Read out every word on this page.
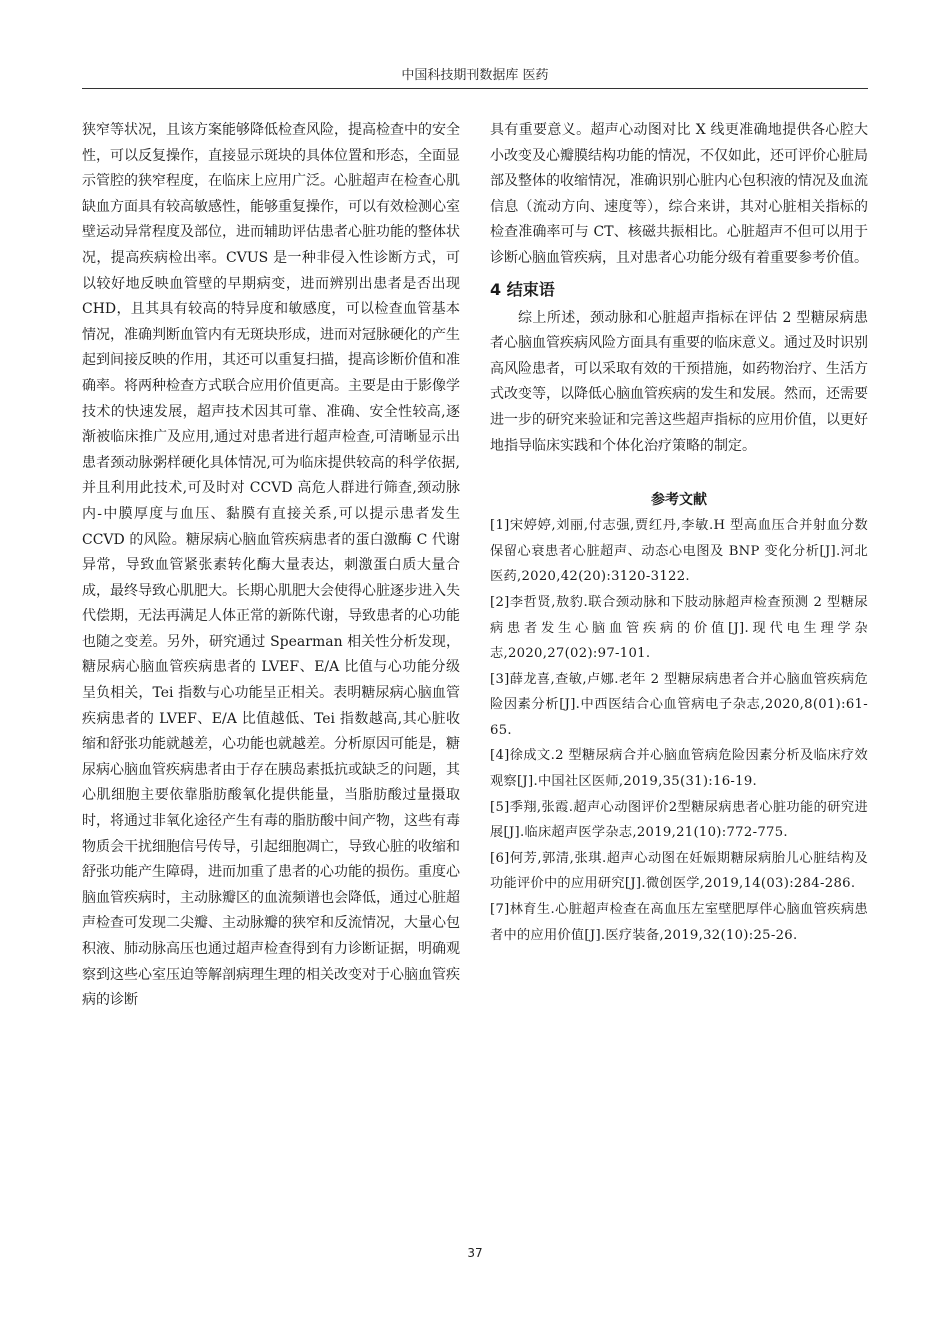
中国科技期刊数据库 医药

狭窄等状况，且该方案能够降低检查风险，提高检查中的安全性，可以反复操作，直接显示斑块的具体位置和形态，全面显示管腔的狭窄程度，在临床上应用广泛。心脏超声在检查心肌缺血方面具有较高敏感性，能够重复操作，可以有效检测心室壁运动异常程度及部位，进而辅助评估患者心脏功能的整体状况，提高疾病检出率。CVUS 是一种非侵入性诊断方式，可以较好地反映血管壁的早期病变，进而辨别出患者是否出现 CHD，且其具有较高的特异度和敏感度，可以检查血管基本情况，准确判断血管内有无斑块形成，进而对冠脉硬化的产生起到间接反映的作用，其还可以重复扫描，提高诊断价值和准确率。将两种检查方式联合应用价值更高。主要是由于影像学技术的快速发展，超声技术因其可靠、准确、安全性较高,逐渐被临床推广及应用,通过对患者进行超声检查,可清晰显示出患者颈动脉粥样硬化具体情况,可为临床提供较高的科学依据,并且利用此技术,可及时对 CCVD 高危人群进行筛查,颈动脉内-中膜厚度与血压、黏膜有直接关系,可以提示患者发生 CCVD 的风险。糖尿病心脑血管疾病患者的蛋白激酶 C 代谢异常，导致血管紧张素转化酶大量表达，刺激蛋白质大量合成，最终导致心肌肥大。长期心肌肥大会使得心脏逐步进入失代偿期，无法再满足人体正常的新陈代谢，导致患者的心功能也随之变差。另外，研究通过 Spearman 相关性分析发现，糖尿病心脑血管疾病患者的 LVEF、E/A 比值与心功能分级呈负相关，Tei 指数与心功能呈正相关。表明糖尿病心脑血管疾病患者的 LVEF、E/A 比值越低、Tei 指数越高,其心脏收缩和舒张功能就越差，心功能也就越差。分析原因可能是，糖尿病心脑血管疾病患者由于存在胰岛素抵抗或缺乏的问题，其心肌细胞主要依靠脂肪酸氧化提供能量，当脂肪酸过量摄取时，将通过非氧化途径产生有毒的脂肪酸中间产物，这些有毒物质会干扰细胞信号传导，引起细胞凋亡，导致心脏的收缩和舒张功能产生障碍，进而加重了患者的心功能的损伤。重度心脑血管疾病时，主动脉瓣区的血流频谱也会降低，通过心脏超声检查可发现二尖瓣、主动脉瓣的狭窄和反流情况，大量心包积液、肺动脉高压也通过超声检查得到有力诊断证据，明确观察到这些心室压迫等解剖病理生理的相关改变对于心脑血管疾病的诊断

具有重要意义。超声心动图对比 X 线更准确地提供各心腔大小改变及心瓣膜结构功能的情况，不仅如此，还可评价心脏局部及整体的收缩情况，准确识别心脏内心包积液的情况及血流信息（流动方向、速度等），综合来讲，其对心脏相关指标的检查准确率可与 CT、核磁共振相比。心脏超声不但可以用于诊断心脑血管疾病，且对患者心功能分级有着重要参考价值。

4 结束语

综上所述，颈动脉和心脏超声指标在评估 2 型糖尿病患者心脑血管疾病风险方面具有重要的临床意义。通过及时识别高风险患者，可以采取有效的干预措施，如药物治疗、生活方式改变等，以降低心脑血管疾病的发生和发展。然而，还需要进一步的研究来验证和完善这些超声指标的应用价值，以更好地指导临床实践和个体化治疗策略的制定。

参考文献
[1]宋婷婷,刘丽,付志强,贾红丹,李敏.H 型高血压合并射血分数保留心衰患者心脏超声、动态心电图及 BNP 变化分析[J].河北医药,2020,42(20):3120-3122.
[2]李哲贤,敖豹.联合颈动脉和下肢动脉超声检查预测 2 型糖尿病患者发生心脑血管疾病的价值[J].现代电生理学杂志,2020,27(02):97-101.
[3]薛龙喜,查敏,卢娜.老年 2 型糖尿病患者合并心脑血管疾病危险因素分析[J].中西医结合心血管病电子杂志,2020,8(01):61-65.
[4]徐成文.2 型糖尿病合并心脑血管病危险因素分析及临床疗效观察[J].中国社区医师,2019,35(31):16-19.
[5]季翔,张霞.超声心动图评价2型糖尿病患者心脏功能的研究进展[J].临床超声医学杂志,2019,21(10):772-775.
[6]何芳,郭清,张琪.超声心动图在妊娠期糖尿病胎儿心脏结构及功能评价中的应用研究[J].微创医学,2019,14(03):284-286.
[7]林育生.心脏超声检查在高血压左室壁肥厚伴心脑血管疾病患者中的应用价值[J].医疗装备,2019,32(10):25-26.
37
